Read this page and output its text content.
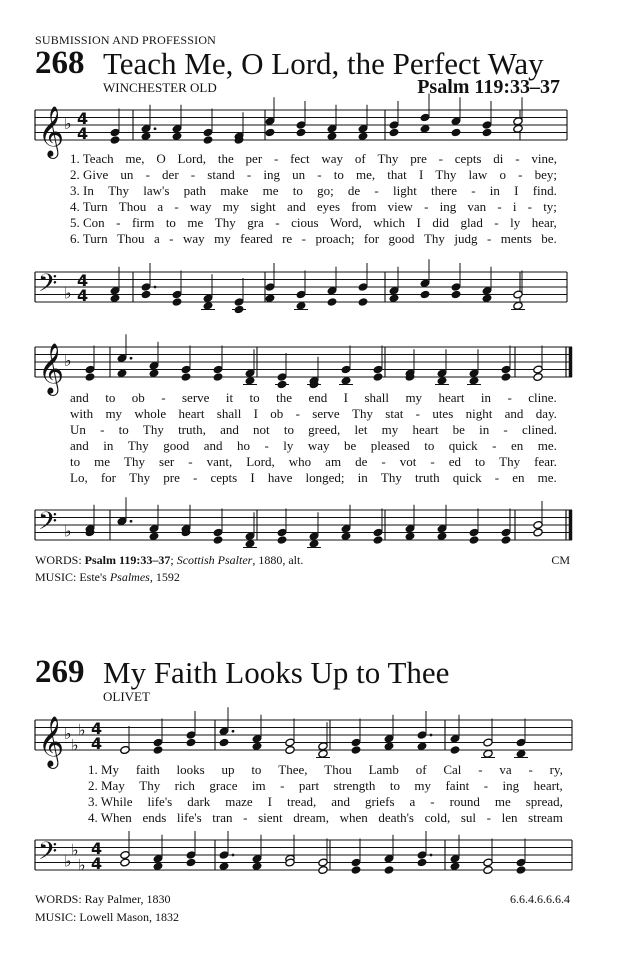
SUBMISSION AND PROFESSION
268 Teach Me, O Lord, the Perfect Way
WINCHESTER OLD	Psalm 119:33–37
𝄞 ♭ 4
4
1. Teach me, O Lord, the per - fect way of Thy pre - cepts di - vine,
2. Give un - der - stand - ing un - to me, that I Thy law o - bey;
3. In Thy law's path make me to go; de - light there - in I find.
4. Turn Thou a - way my sight and eyes from view - ing van - i - ty;
5. Con - firm to me Thy gra - cious Word, which I did glad - ly hear,
6. Turn Thou a - way my feared re - proach; for good Thy judg - ments be.
𝄢 ♭
4
4
𝄞 ♭
and to ob - serve it to the end I shall my heart in - cline.
with my whole heart shall I ob - serve Thy stat - utes night and day.
Un - to Thy truth, and not to greed, let my heart be in - clined.
and in Thy good and ho - ly way be pleased to quick - en me.
to me Thy ser - vant, Lord, who am de - vot - ed to Thy fear.
Lo, for Thy pre - cepts I have longed; in Thy truth quick - en me.
𝄢 ♭
WORDS: Psalm 119:33–37; Scottish Psalter, 1880, alt.	CM
MUSIC: Este's Psalmes, 1592
269 My Faith Looks Up to Thee
OLIVET
𝄞 ♭
♭
♭ 4
4
1. My faith looks up to Thee, Thou Lamb of Cal - va - ry,
2. May Thy rich grace im - part strength to my faint - ing heart,
3. While life's dark maze I tread, and griefs a - round me spread,
4. When ends life's tran - sient dream, when death's cold, sul - len stream
𝄢 ♭
♭
♭
4
4
WORDS: Ray Palmer, 1830	6.6.4.6.6.6.4
MUSIC: Lowell Mason, 1832
